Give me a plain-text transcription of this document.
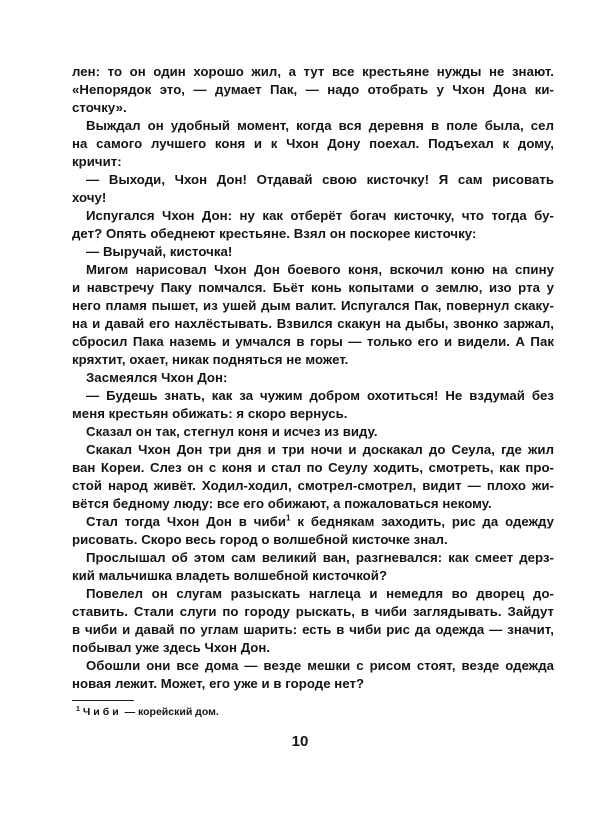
лен: то он один хорошо жил, а тут все крестьяне нужды не знают.
«Непорядок это, — думает Пак, — надо отобрать у Чхон Дона ки-
сточку».
Выждал он удобный момент, когда вся деревня в поле была, сел
на самого лучшего коня и к Чхон Дону поехал. Подъехал к дому,
кричит:
— Выходи, Чхон Дон! Отдавай свою кисточку! Я сам рисовать
хочу!
Испугался Чхон Дон: ну как отберёт богач кисточку, что тогда бу-
дет? Опять обеднеют крестьяне. Взял он поскорее кисточку:
— Выручай, кисточка!
Мигом нарисовал Чхон Дон боевого коня, вскочил коню на спину
и навстречу Паку помчался. Бьёт конь копытами о землю, изо рта у
него пламя пышет, из ушей дым валит. Испугался Пак, повернул скаку-
на и давай его нахлёстывать. Взвился скакун на дыбы, звонко заржал,
сбросил Пака наземь и умчался в горы — только его и видели. А Пак
кряхтит, охает, никак подняться не может.
Засмеялся Чхон Дон:
— Будешь знать, как за чужим добром охотиться! Не вздумай без
меня крестьян обижать: я скоро вернусь.
Сказал он так, стегнул коня и исчез из виду.
Скакал Чхон Дон три дня и три ночи и доскакал до Сеула, где жил
ван Кореи. Слез он с коня и стал по Сеулу ходить, смотреть, как про-
стой народ живёт. Ходил-ходил, смотрел-смотрел, видит — плохо жи-
вётся бедному люду: все его обижают, а пожаловаться некому.
Стал тогда Чхон Дон в чиби$^1$ к беднякам заходить, рис да одежду
рисовать. Скоро весь город о волшебной кисточке знал.
Прослышал об этом сам великий ван, разгневался: как смеет дерз-
кий мальчишка владеть волшебной кисточкой?
Повелел он слугам разыскать наглеца и немедля во дворец до-
ставить. Стали слуги по городу рыскать, в чиби заглядывать. Зайдут
в чиби и давай по углам шарить: есть в чиби рис да одежда — значит,
побывал уже здесь Чхон Дон.
Обошли они все дома — везде мешки с рисом стоят, везде одежда
новая лежит. Может, его уже и в городе нет?
$^1$ Чиби — корейский дом.
10
